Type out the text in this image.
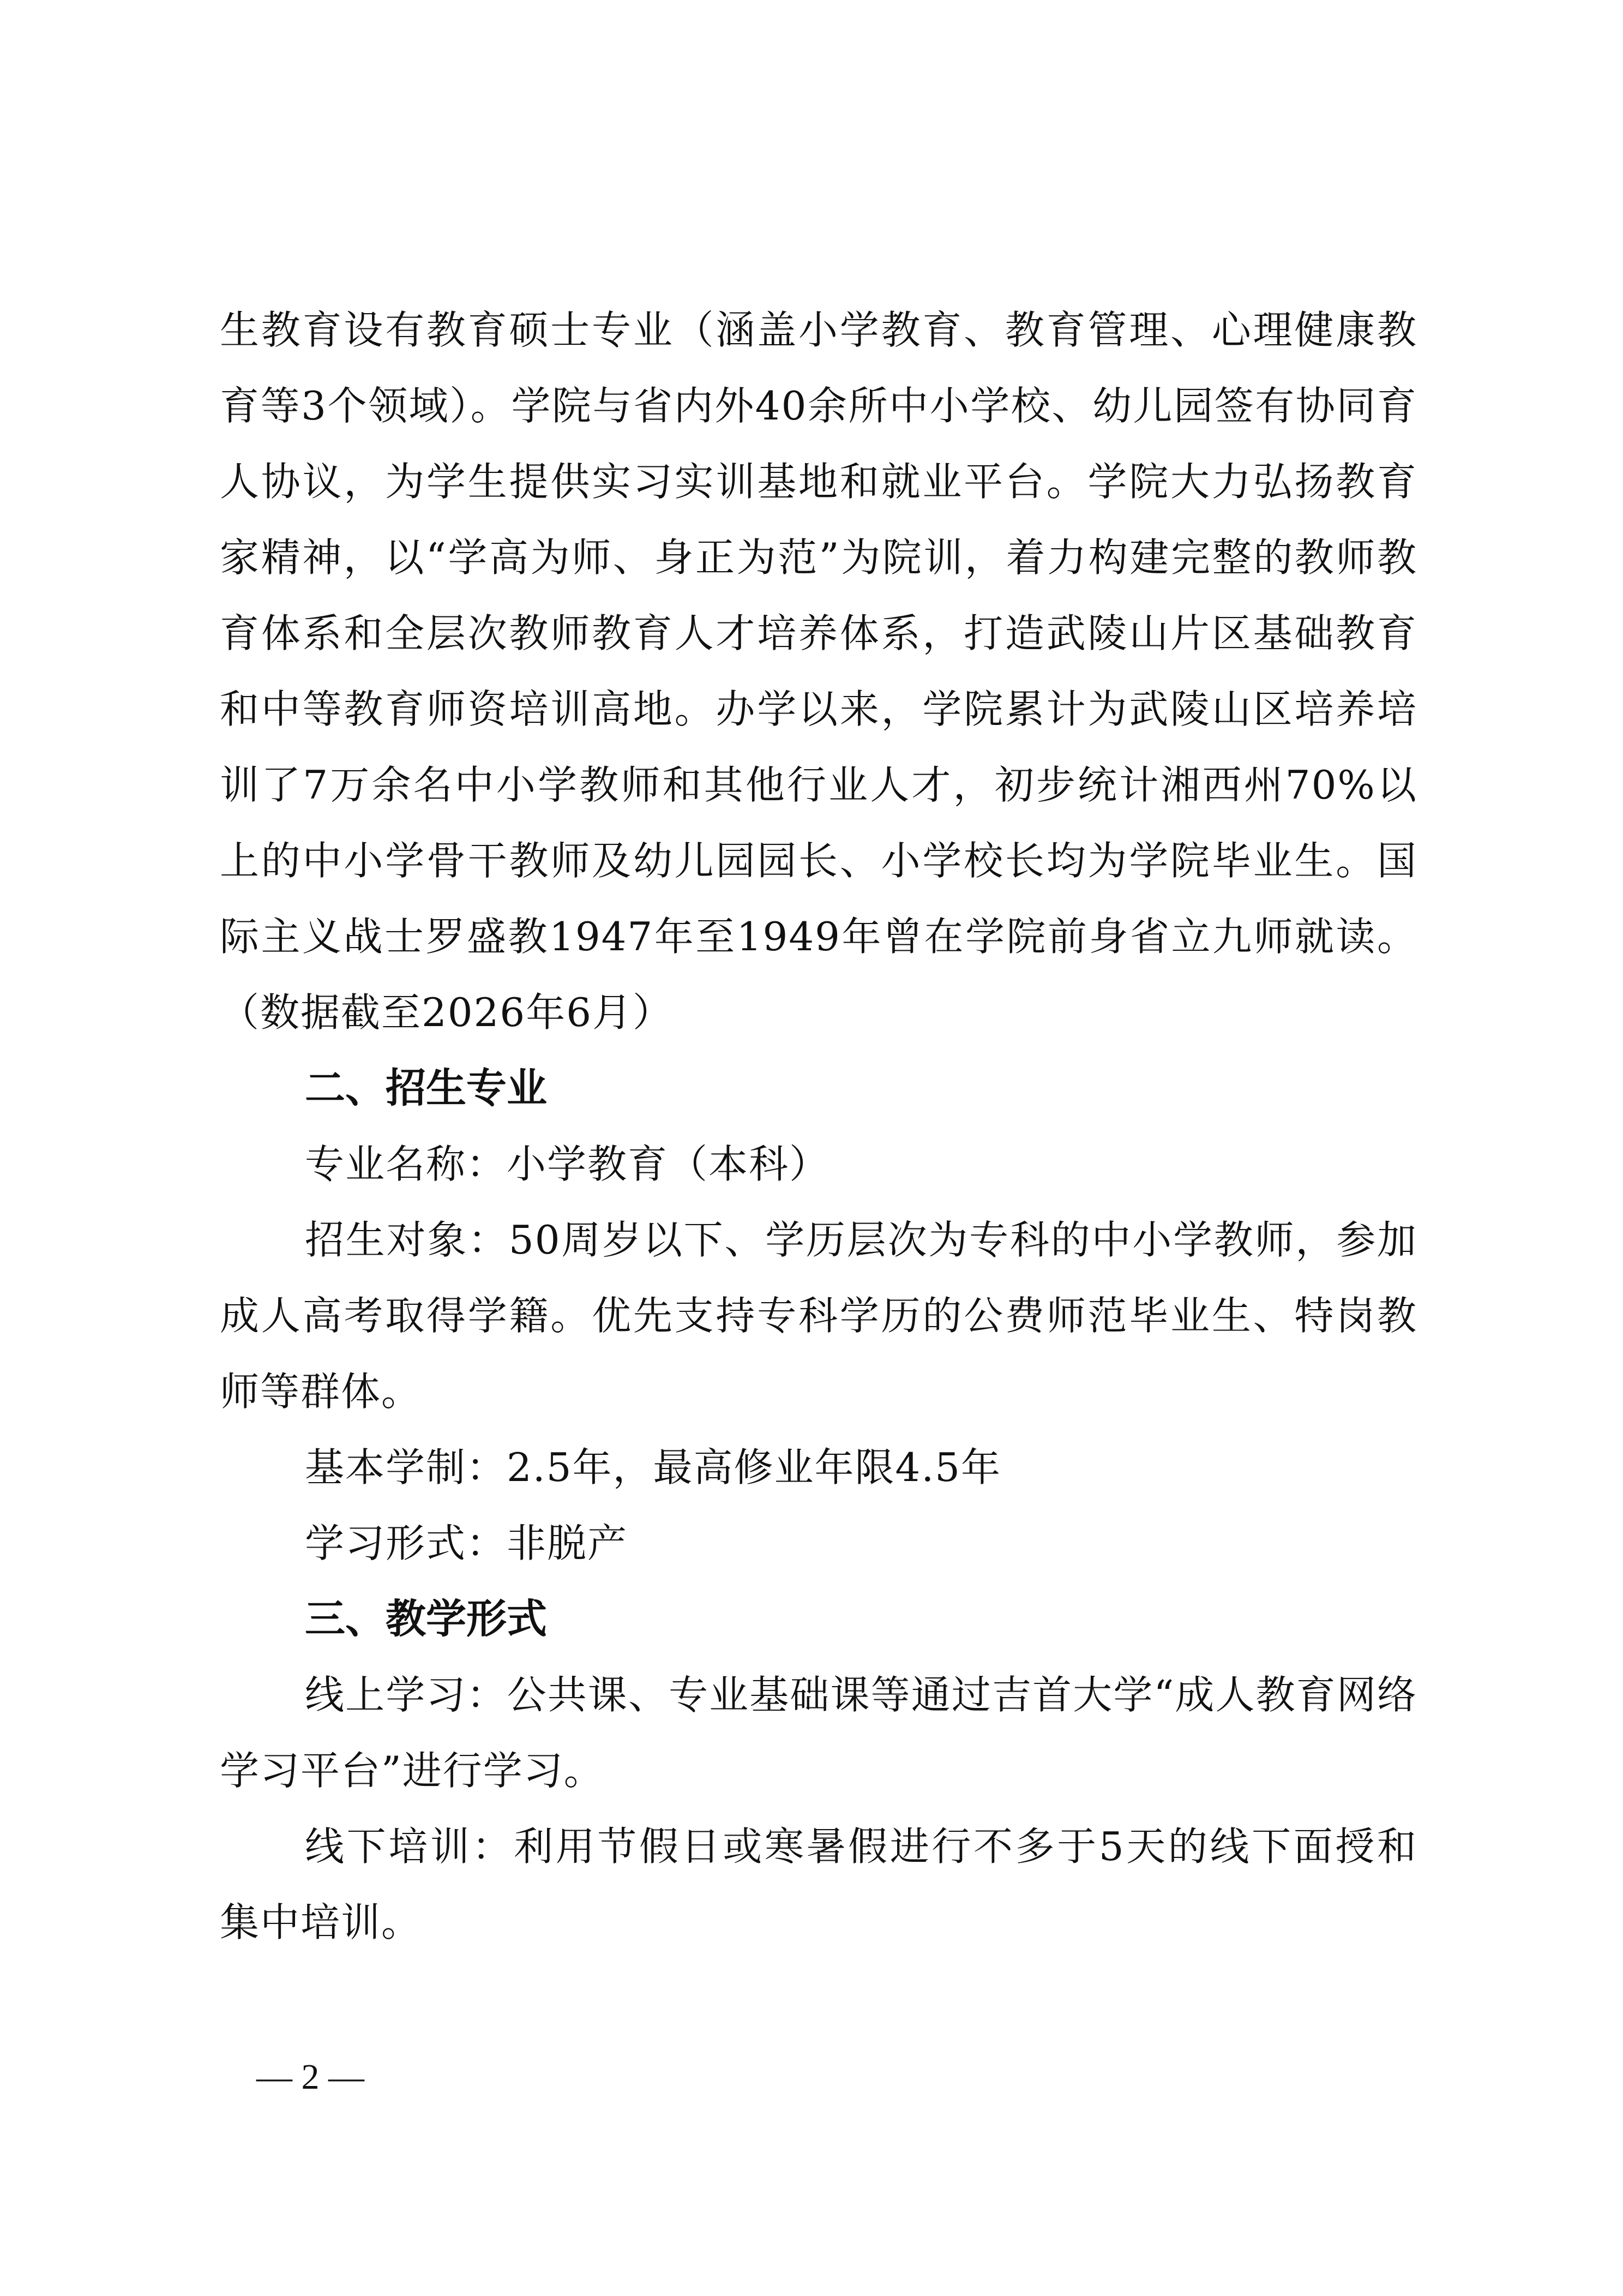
生教育设有教育硕士专业（涵盖小学教育、教育管理、心理健康教育等3个领域）。学院与省内外40余所中小学校、幼儿园签有协同育人协议，为学生提供实习实训基地和就业平台。学院大力弘扬教育家精神，以“学高为师、身正为范”为院训，着力构建完整的教师教育体系和全层次教师教育人才培养体系，打造武陵山片区基础教育和中等教育师资培训高地。办学以来，学院累计为武陵山区培养培训了7万余名中小学教师和其他行业人才，初步统计湘西州70%以上的中小学骨干教师及幼儿园园长、小学校长均为学院毕业生。国际主义战士罗盛教1947年至1949年曾在学院前身省立九师就读。（数据截至2026年6月）

二、招生专业

专业名称：小学教育（本科）

招生对象：50周岁以下、学历层次为专科的中小学教师，参加成人高考取得学籍。优先支持专科学历的公费师范毕业生、特岗教师等群体。

基本学制：2.5年，最高修业年限4.5年

学习形式：非脱产

三、教学形式

线上学习：公共课、专业基础课等通过吉首大学“成人教育网络学习平台”进行学习。

线下培训：利用节假日或寒暑假进行不多于5天的线下面授和集中培训。

— 2 —
